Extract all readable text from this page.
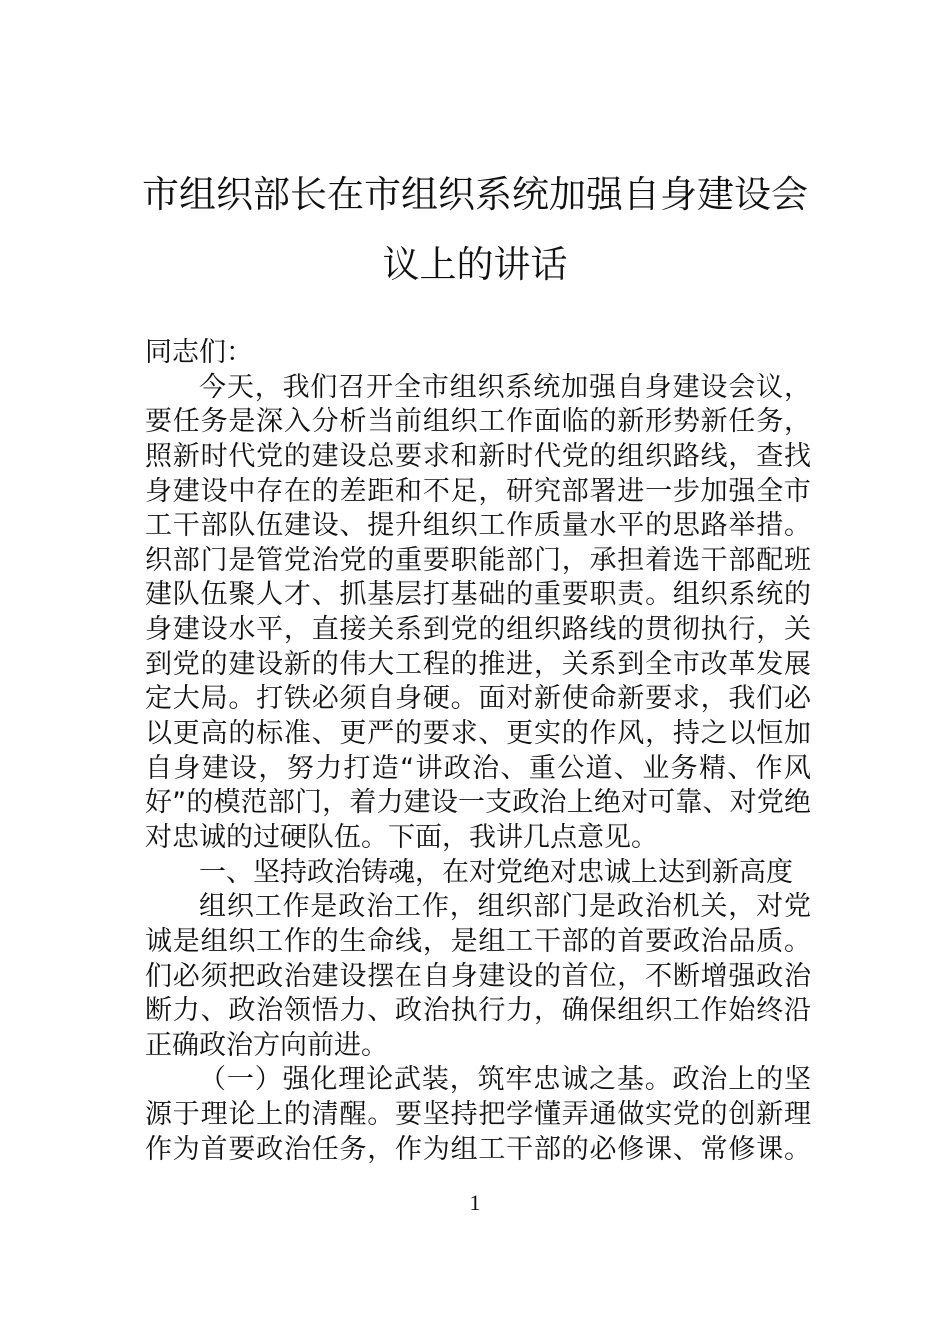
市组织部长在市组织系统加强自身建设会
议上的讲话
同志们：
今天，我们召开全市组织系统加强自身建设会议，
要任务是深入分析当前组织工作面临的新形势新任务，
照新时代党的建设总要求和新时代党的组织路线，查找
身建设中存在的差距和不足，研究部署进一步加强全市
工干部队伍建设、提升组织工作质量水平的思路举措。
织部门是管党治党的重要职能部门，承担着选干部配班
建队伍聚人才、抓基层打基础的重要职责。组织系统的
身建设水平，直接关系到党的组织路线的贯彻执行，关
到党的建设新的伟大工程的推进，关系到全市改革发展
定大局。打铁必须自身硬。面对新使命新要求，我们必
以更高的标准、更严的要求、更实的作风，持之以恒加
自身建设，努力打造“讲政治、重公道、业务精、作风
好”的模范部门，着力建设一支政治上绝对可靠、对党绝
对忠诚的过硬队伍。下面，我讲几点意见。
一、坚持政治铸魂，在对党绝对忠诚上达到新高度
组织工作是政治工作，组织部门是政治机关，对党
诚是组织工作的生命线，是组工干部的首要政治品质。
们必须把政治建设摆在自身建设的首位，不断增强政治
断力、政治领悟力、政治执行力，确保组织工作始终沿
正确政治方向前进。
（一）强化理论武装，筑牢忠诚之基。政治上的坚
源于理论上的清醒。要坚持把学懂弄通做实党的创新理
作为首要政治任务，作为组工干部的必修课、常修课。
1
